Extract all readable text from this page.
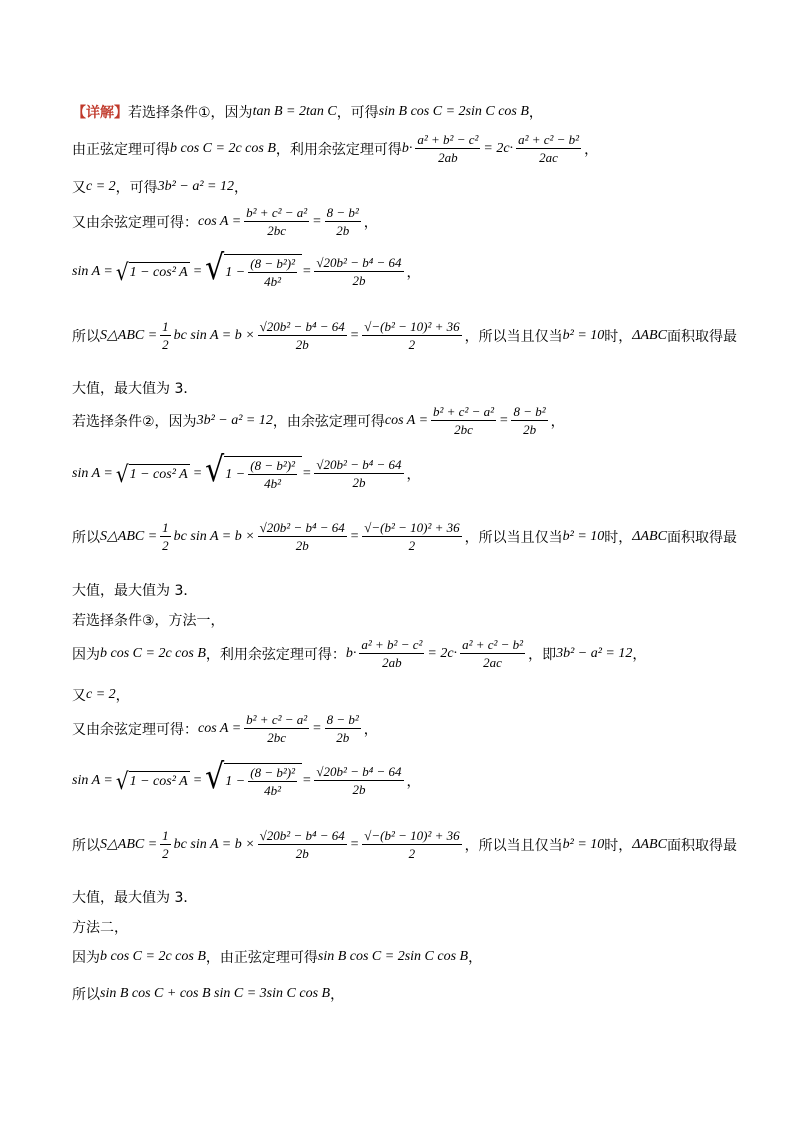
【详解】 若选择条件①，因为 tan B = 2tan C ，可得 sin B cos C = 2sin C cos B ，
由正弦定理可得 b cos C = 2c cos B ，利用余弦定理可得 $b\cdot \frac{\text{a² + b² − c²}}{2ab} = 2c\cdot \frac{\text{a² + c² − b²}}{2ac}$ ，
又 c = 2 ，可得 3b² − a² = 12 ，
又由余弦定理可得： $\cos A = \frac{\text{b² + c² − a²}}{2bc} = \frac{\text{8 − b²}}{2b}$ ，
sin A = √ 1 − cos² A = √ $1 - \frac{\text{(8 − b²)²}}{\text{4b²}} = \frac{\text{√20b² − b⁴ − 64}}{2b}$ ，
所以 S△ABC = $\frac{1}{2}$ bc $\sin A = b \times \frac{\text{√20b² − b⁴ − 64}}{2b} = \frac{\text{√−(b² − 10)² + 36}}{2}$ ，所以当且仅当 b² = 10 时， ΔABC 面积取得最
大值，最大值为 3．
若选择条件②，因为 3b² − a² = 12 ，由余弦定理可得 $\cos A = \frac{\text{b² + c² − a²}}{2bc} = \frac{\text{8 − b²}}{2b}$ ，
sin A = √ 1 − cos² A = √ $1 - \frac{\text{(8 − b²)²}}{\text{4b²}} = \frac{\text{√20b² − b⁴ − 64}}{2b}$ ，
所以 S△ABC = $\frac{1}{2}$ bc $\sin A = b \times \frac{\text{√20b² − b⁴ − 64}}{2b} = \frac{\text{√−(b² − 10)² + 36}}{2}$ ，所以当且仅当 b² = 10 时， ΔABC 面积取得最
大值，最大值为 3．
若选择条件③，方法一，
因为 b cos C = 2c cos B ，利用余弦定理可得： $b\cdot \frac{\text{a² + b² − c²}}{2ab} = 2c\cdot \frac{\text{a² + c² − b²}}{2ac}$ ，即 3b² − a² = 12 ，
又 c = 2 ，
又由余弦定理可得： $\cos A = \frac{\text{b² + c² − a²}}{2bc} = \frac{\text{8 − b²}}{2b}$ ，
sin A = √ 1 − cos² A = √ $1 - \frac{\text{(8 − b²)²}}{\text{4b²}} = \frac{\text{√20b² − b⁴ − 64}}{2b}$ ，
所以 S△ABC = $\frac{1}{2}$ bc $\sin A = b \times \frac{\text{√20b² − b⁴ − 64}}{2b} = \frac{\text{√−(b² − 10)² + 36}}{2}$ ，所以当且仅当 b² = 10 时， ΔABC 面积取得最
大值，最大值为 3．
方法二，
因为 b cos C = 2c cos B ，由正弦定理可得 sin B cos C = 2sin C cos B ，
所以 sin B cos C + cos B sin C = 3sin C cos B ，
